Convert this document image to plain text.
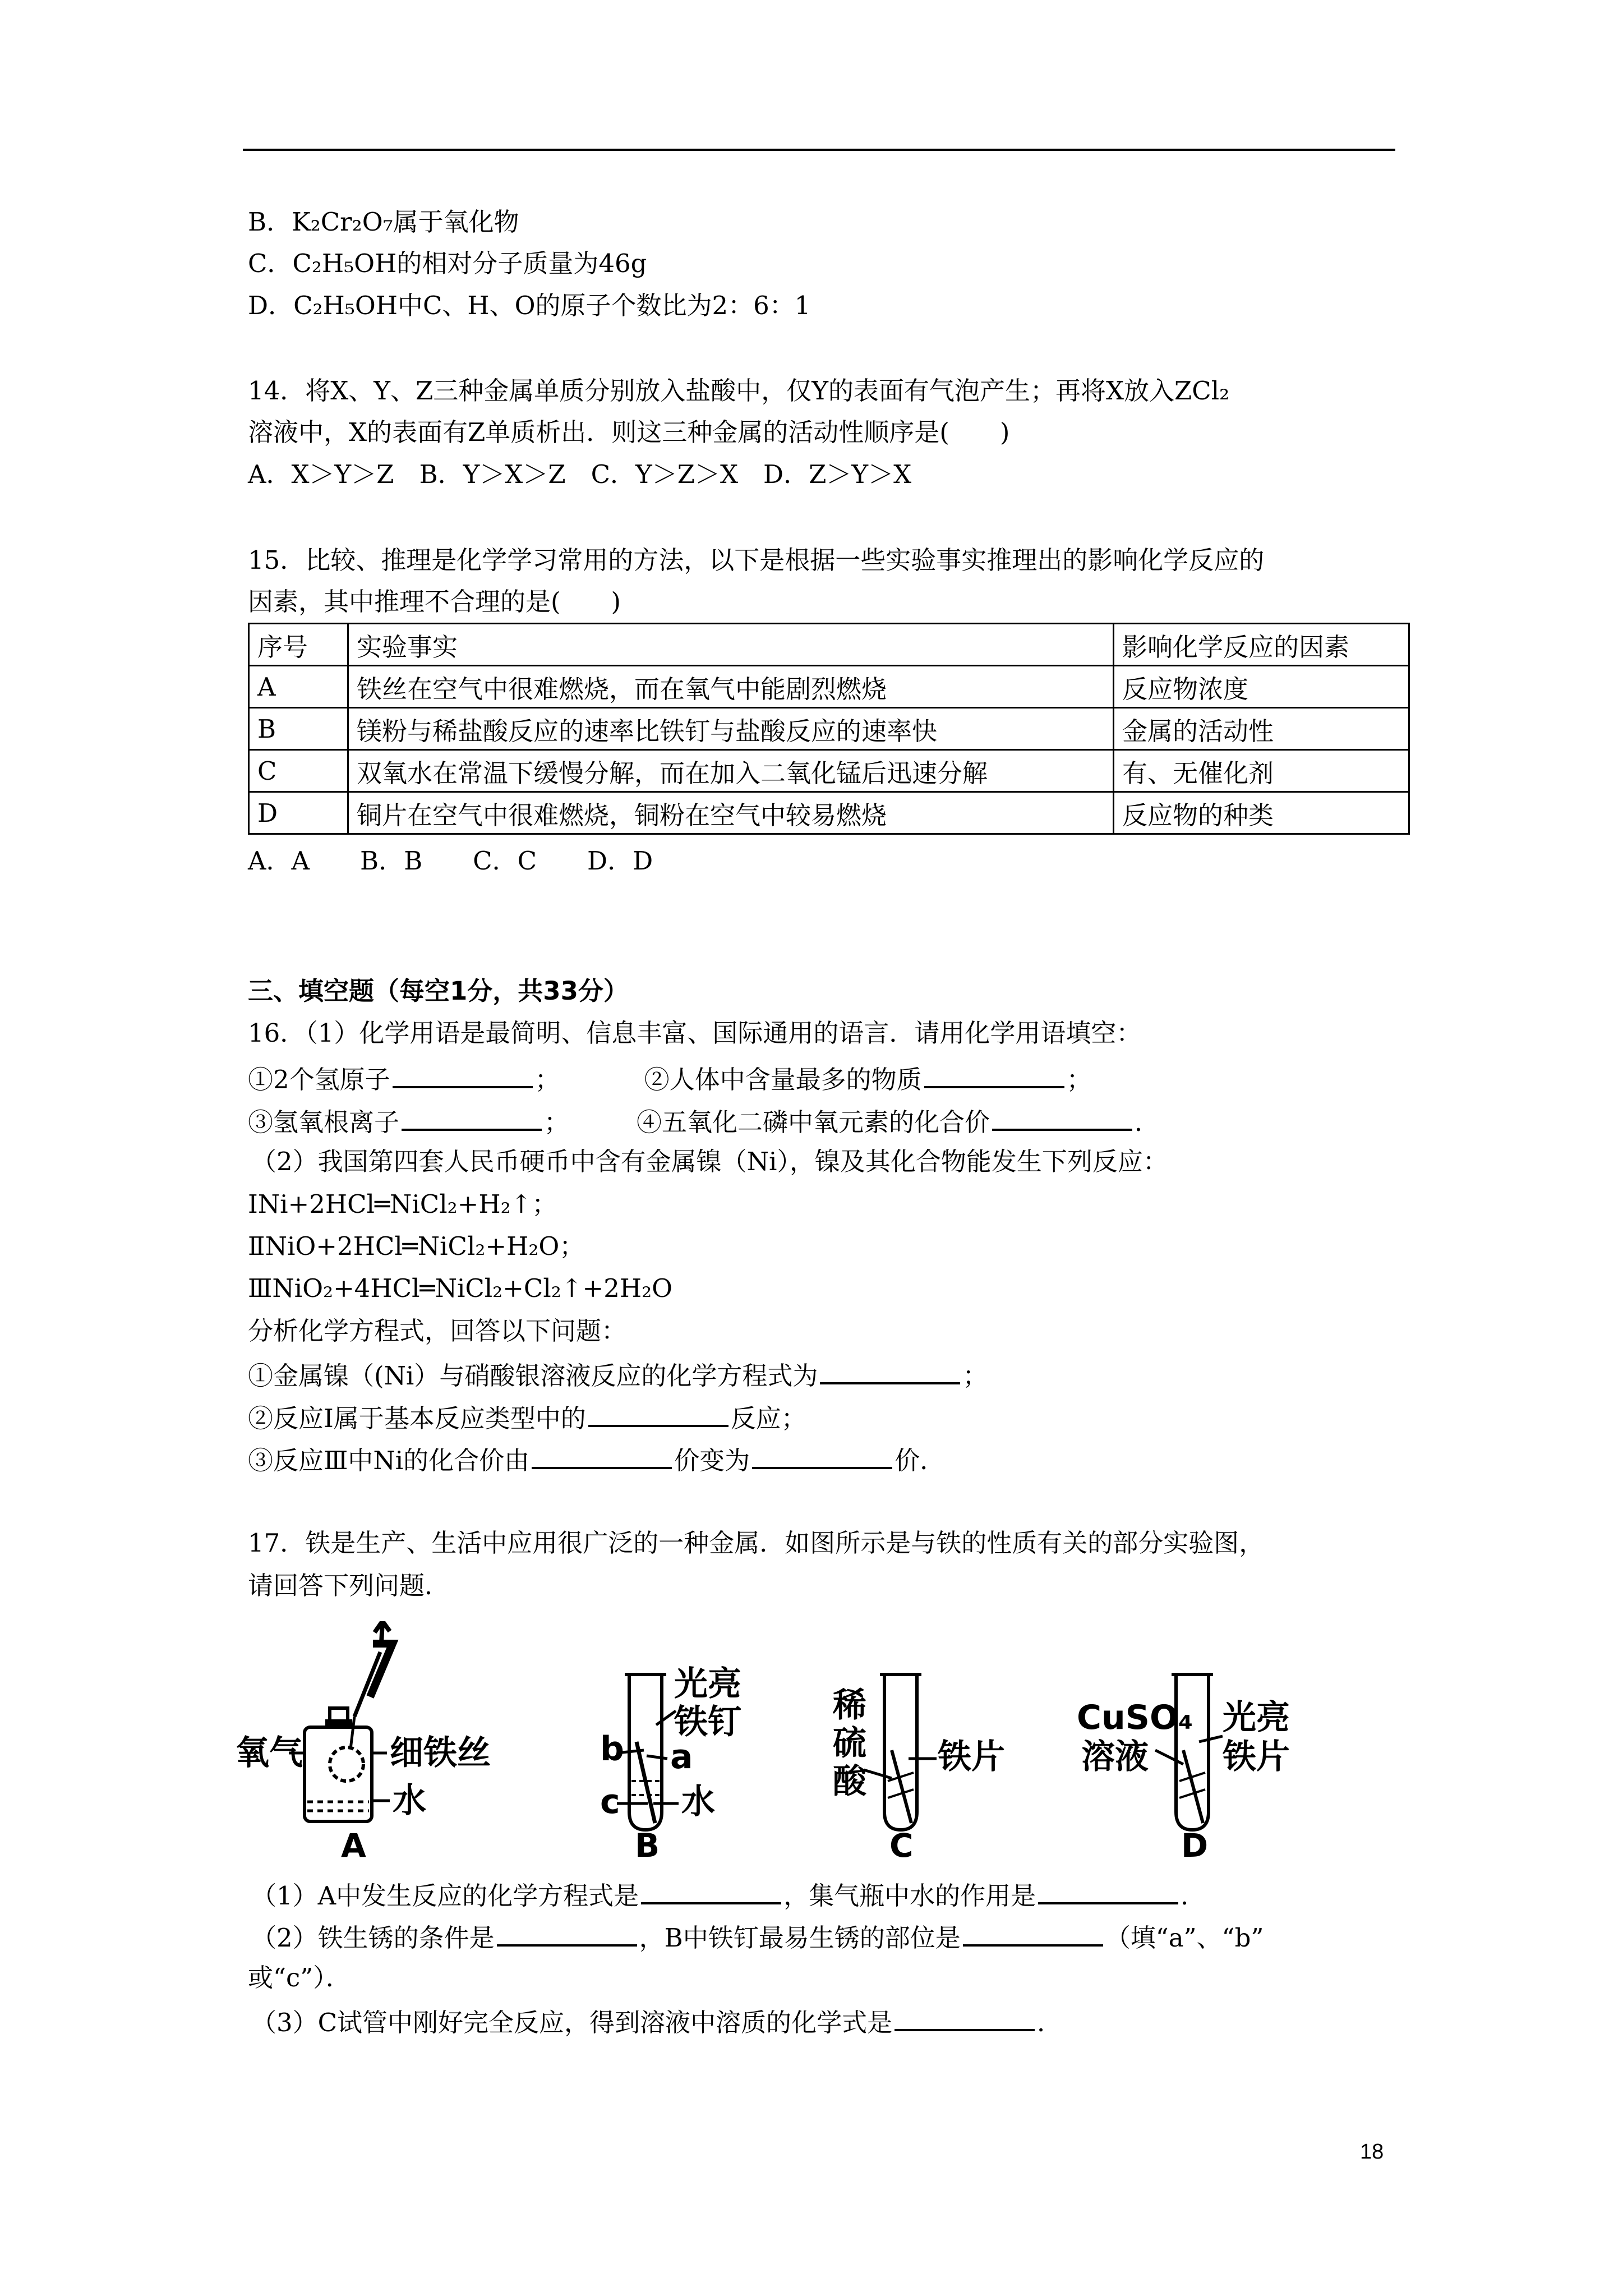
B．K₂Cr₂O₇属于氧化物
C．C₂H₅OH的相对分子质量为46g
D．C₂H₅OH中C、H、O的原子个数比为2：6：1
14．将X、Y、Z三种金属单质分别放入盐酸中，仅Y的表面有气泡产生；再将X放入ZCl₂
溶液中，X的表面有Z单质析出．则这三种金属的活动性顺序是(　　)
A．X＞Y＞Z　B．Y＞X＞Z　C．Y＞Z＞X　D．Z＞Y＞X
15．比较、推理是化学学习常用的方法，以下是根据一些实验事实推理出的影响化学反应的
因素，其中推理不合理的是(　　)
序号	实验事实	影响化学反应的因素
A	铁丝在空气中很难燃烧，而在氧气中能剧烈燃烧	反应物浓度
B	镁粉与稀盐酸反应的速率比铁钉与盐酸反应的速率快	金属的活动性
C	双氧水在常温下缓慢分解，而在加入二氧化锰后迅速分解	有、无催化剂
D	铜片在空气中很难燃烧，铜粉在空气中较易燃烧	反应物的种类
A．A　　B．B　　C．C　　D．D
三、填空题（每空1分，共33分）
16．（1）化学用语是最简明、信息丰富、国际通用的语言．请用化学用语填空：
①2个氢原子	；	②人体中含量最多的物质	；
③氢氧根离子	；	④五氧化二磷中氧元素的化合价	．
（2）我国第四套人民币硬币中含有金属镍（Ni），镍及其化合物能发生下列反应：
ⅠNi+2HCl═NiCl₂+H₂↑；
ⅡNiO+2HCl═NiCl₂+H₂O；
ⅢNiO₂+4HCl═NiCl₂+Cl₂↑+2H₂O
分析化学方程式，回答以下问题：
①金属镍（(Ni）与硝酸银溶液反应的化学方程式为	；
②反应Ⅰ属于基本反应类型中的	反应；
③反应Ⅲ中Ni的化合价由	价变为	价．
17．铁是生产、生活中应用很广泛的一种金属．如图所示是与铁的性质有关的部分实验图，
请回答下列问题．
氧气	细铁丝
水
A
光亮
铁钉
b a
c 水
B
稀
硫
酸
铁片
C
CuSO₄
溶液
光亮
铁片
D
（1）A中发生反应的化学方程式是	，集气瓶中水的作用是	．
（2）铁生锈的条件是	，B中铁钉最易生锈的部位是	（填“a”、“b”
或“c”）．
（3）C试管中刚好完全反应，得到溶液中溶质的化学式是	．
18
